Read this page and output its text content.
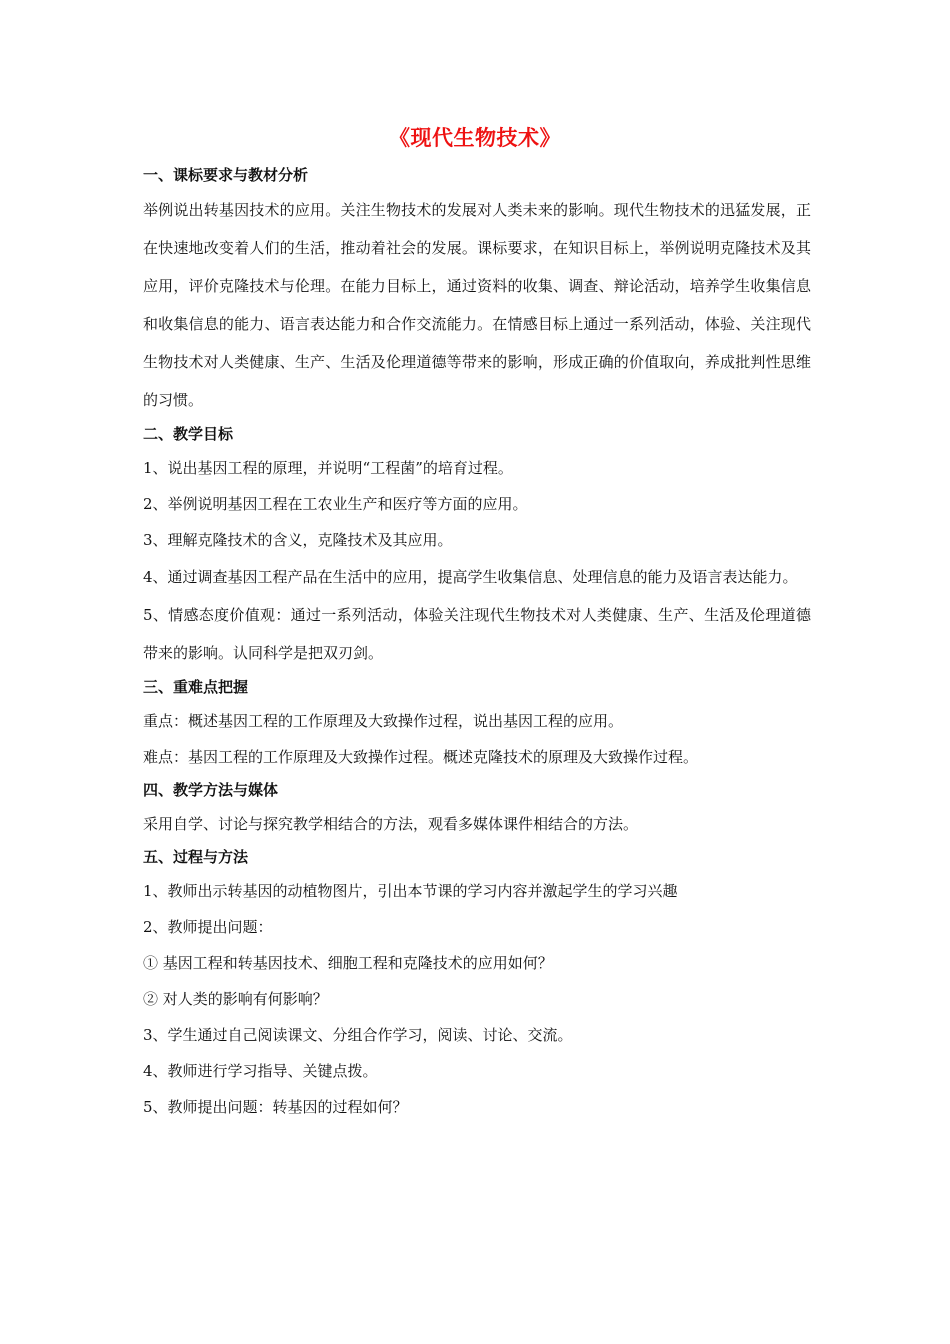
《现代生物技术》

一、课标要求与教材分析

举例说出转基因技术的应用。关注生物技术的发展对人类未来的影响。现代生物技术的迅猛发展，正在快速地改变着人们的生活，推动着社会的发展。课标要求，在知识目标上，举例说明克隆技术及其应用，评价克隆技术与伦理。在能力目标上，通过资料的收集、调查、辩论活动，培养学生收集信息和收集信息的能力、语言表达能力和合作交流能力。在情感目标上通过一系列活动，体验、关注现代生物技术对人类健康、生产、生活及伦理道德等带来的影响，形成正确的价值取向，养成批判性思维的习惯。

二、教学目标

1、说出基因工程的原理，并说明“工程菌”的培育过程。

2、举例说明基因工程在工农业生产和医疗等方面的应用。

3、理解克隆技术的含义，克隆技术及其应用。

4、通过调查基因工程产品在生活中的应用，提高学生收集信息、处理信息的能力及语言表达能力。

5、情感态度价值观：通过一系列活动，体验关注现代生物技术对人类健康、生产、生活及伦理道德带来的影响。认同科学是把双刃剑。

三、重难点把握

重点：概述基因工程的工作原理及大致操作过程，说出基因工程的应用。

难点：基因工程的工作原理及大致操作过程。概述克隆技术的原理及大致操作过程。

四、教学方法与媒体

采用自学、讨论与探究教学相结合的方法，观看多媒体课件相结合的方法。

五、过程与方法

1、教师出示转基因的动植物图片，引出本节课的学习内容并激起学生的学习兴趣

2、教师提出问题：

① 基因工程和转基因技术、细胞工程和克隆技术的应用如何？

② 对人类的影响有何影响？

3、学生通过自己阅读课文、分组合作学习，阅读、讨论、交流。

4、教师进行学习指导、关键点拨。

5、教师提出问题：转基因的过程如何？
